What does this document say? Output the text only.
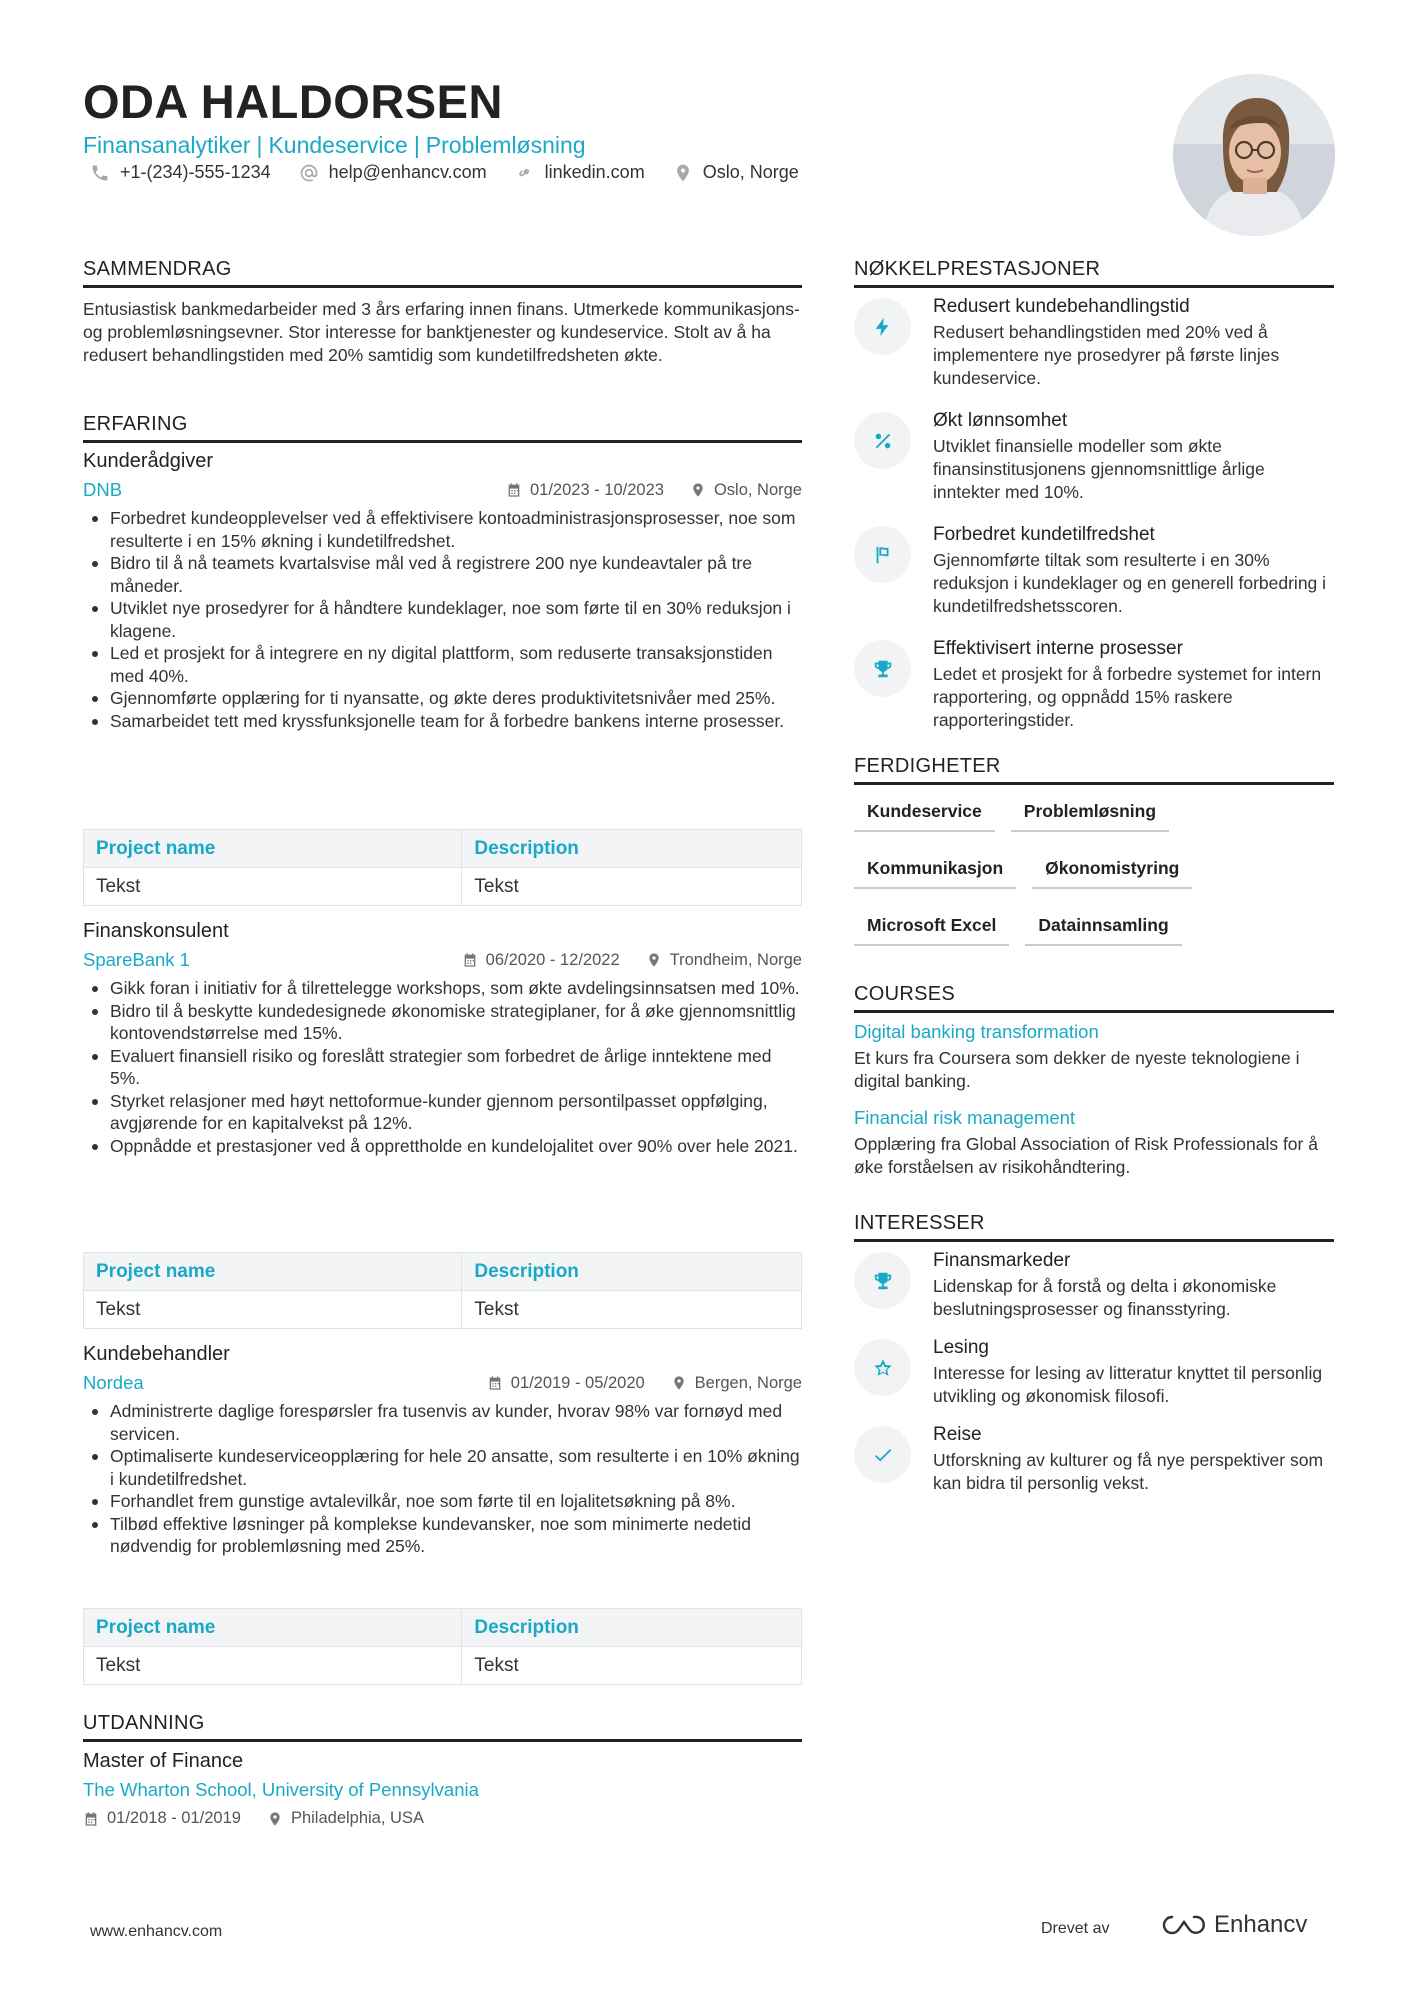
ODA HALDORSEN
Finansanalytiker | Kundeservice | Problemløsning
+1-(234)-555-1234	help@enhancv.com	linkedin.com	Oslo, Norge
SAMMENDRAG
Entusiastisk bankmedarbeider med 3 års erfaring innen finans. Utmerkede kommunikasjons- og problemløsningsevner. Stor interesse for banktjenester og kundeservice. Stolt av å ha redusert behandlingstiden med 20% samtidig som kundetilfredsheten økte.
ERFARING
Kunderådgiver
DNB	01/2023 - 10/2023	Oslo, Norge
Forbedret kundeopplevelser ved å effektivisere kontoadministrasjonsprosesser, noe som resulterte i en 15% økning i kundetilfredshet.
Bidro til å nå teamets kvartalsvise mål ved å registrere 200 nye kundeavtaler på tre måneder.
Utviklet nye prosedyrer for å håndtere kundeklager, noe som førte til en 30% reduksjon i klagene.
Led et prosjekt for å integrere en ny digital plattform, som reduserte transaksjonstiden med 40%.
Gjennomførte opplæring for ti nyansatte, og økte deres produktivitetsnivåer med 25%.
Samarbeidet tett med kryssfunksjonelle team for å forbedre bankens interne prosesser.
Project name	Description
Tekst	Tekst
Finanskonsulent
SpareBank 1	06/2020 - 12/2022	Trondheim, Norge
Gikk foran i initiativ for å tilrettelegge workshops, som økte avdelingsinnsatsen med 10%.
Bidro til å beskytte kundedesignede økonomiske strategiplaner, for å øke gjennomsnittlig kontovendstørrelse med 15%.
Evaluert finansiell risiko og foreslått strategier som forbedret de årlige inntektene med 5%.
Styrket relasjoner med høyt nettoformue-kunder gjennom persontilpasset oppfølging, avgjørende for en kapitalvekst på 12%.
Oppnådde et prestasjoner ved å opprettholde en kundelojalitet over 90% over hele 2021.
Project name	Description
Tekst	Tekst
Kundebehandler
Nordea	01/2019 - 05/2020	Bergen, Norge
Administrerte daglige forespørsler fra tusenvis av kunder, hvorav 98% var fornøyd med servicen.
Optimaliserte kundeserviceopplæring for hele 20 ansatte, som resulterte i en 10% økning i kundetilfredshet.
Forhandlet frem gunstige avtalevilkår, noe som førte til en lojalitetsøkning på 8%.
Tilbød effektive løsninger på komplekse kundevansker, noe som minimerte nedetid nødvendig for problemløsning med 25%.
Project name	Description
Tekst	Tekst
UTDANNING
Master of Finance
The Wharton School, University of Pennsylvania
01/2018 - 01/2019	Philadelphia, USA
NØKKELPRESTASJONER
Redusert kundebehandlingstid
Redusert behandlingstiden med 20% ved å implementere nye prosedyrer på første linjes kundeservice.
Økt lønnsomhet
Utviklet finansielle modeller som økte finansinstitusjonens gjennomsnittlige årlige inntekter med 10%.
Forbedret kundetilfredshet
Gjennomførte tiltak som resulterte i en 30% reduksjon i kundeklager og en generell forbedring i kundetilfredshetsscoren.
Effektivisert interne prosesser
Ledet et prosjekt for å forbedre systemet for intern rapportering, og oppnådd 15% raskere rapporteringstider.
FERDIGHETER
Kundeservice	Problemløsning
Kommunikasjon	Økonomistyring
Microsoft Excel	Datainnsamling
COURSES
Digital banking transformation
Et kurs fra Coursera som dekker de nyeste teknologiene i digital banking.
Financial risk management
Opplæring fra Global Association of Risk Professionals for å øke forståelsen av risikohåndtering.
INTERESSER
Finansmarkeder
Lidenskap for å forstå og delta i økonomiske beslutningsprosesser og finansstyring.
Lesing
Interesse for lesing av litteratur knyttet til personlig utvikling og økonomisk filosofi.
Reise
Utforskning av kulturer og få nye perspektiver som kan bidra til personlig vekst.
www.enhancv.com	Drevet av	Enhancv
